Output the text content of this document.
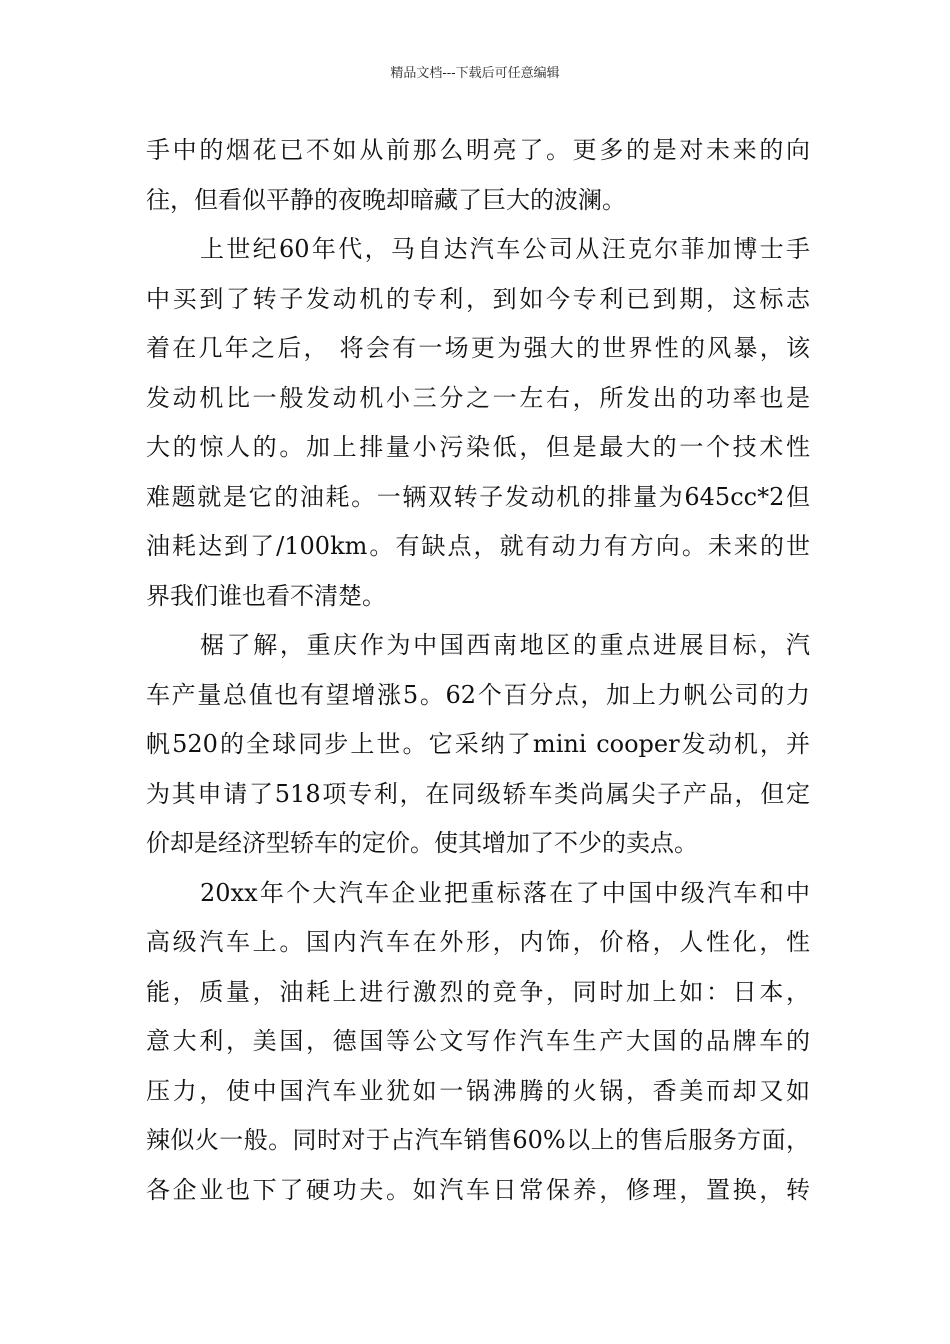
精品文档---下载后可任意编辑
手中的烟花已不如从前那么明亮了。更多的是对未来的向
往，但看似平静的夜晚却暗藏了巨大的波澜。
上世纪60年代，马自达汽车公司从汪克尔菲加博士手
中买到了转子发动机的专利，到如今专利已到期，这标志
着在几年之后， 将会有一场更为强大的世界性的风暴，该
发动机比一般发动机小三分之一左右，所发出的功率也是
大的惊人的。加上排量小污染低，但是最大的一个技术性
难题就是它的油耗。一辆双转子发动机的排量为645cc*2但
油耗达到了/100km。有缺点，就有动力有方向。未来的世
界我们谁也看不清楚。
椐了解，重庆作为中国西南地区的重点进展目标，汽
车产量总值也有望增涨5。62个百分点，加上力帆公司的力
帆520的全球同步上世。它采纳了mini cooper发动机，并
为其申请了518项专利，在同级轿车类尚属尖子产品，但定
价却是经济型轿车的定价。使其增加了不少的卖点。
20xx年个大汽车企业把重标落在了中国中级汽车和中
高级汽车上。国内汽车在外形，内饰，价格，人性化，性
能，质量，油耗上进行激烈的竞争，同时加上如：日本，
意大利，美国，德国等公文写作汽车生产大国的品牌车的
压力，使中国汽车业犹如一锅沸腾的火锅，香美而却又如
辣似火一般。同时对于占汽车销售60%以上的售后服务方面，
各企业也下了硬功夫。如汽车日常保养，修理，置换，转
